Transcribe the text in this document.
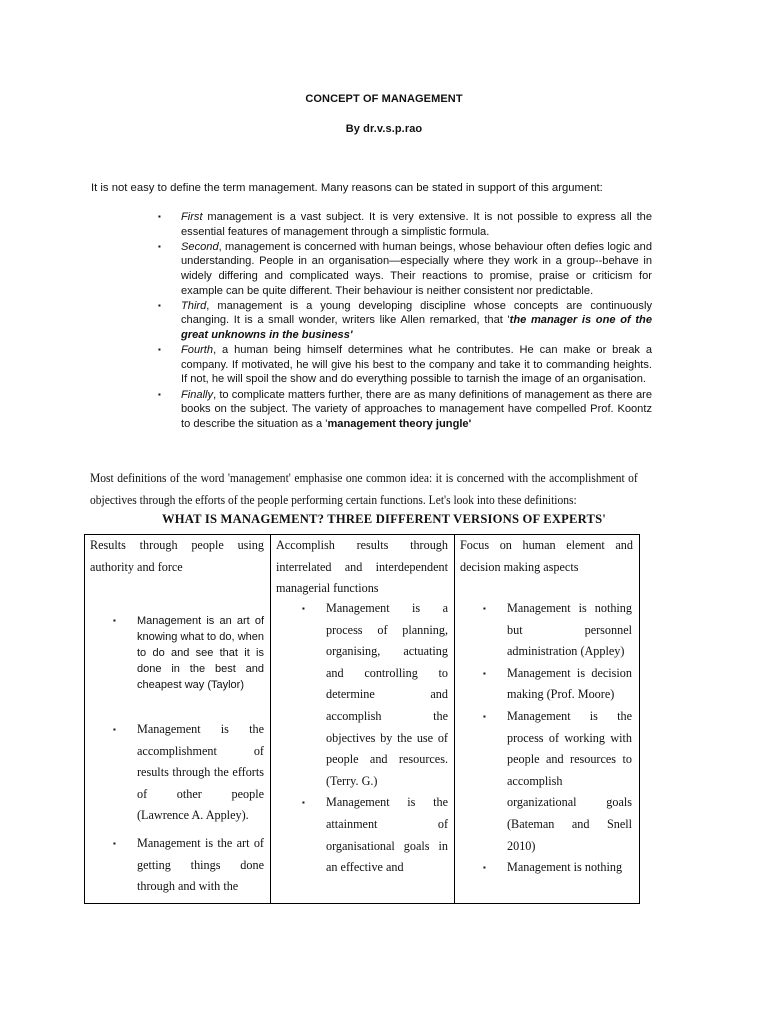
CONCEPT OF MANAGEMENT
By dr.v.s.p.rao
It is not easy to define the term management. Many reasons can be stated in support of this argument:
▪ First management is a vast subject. It is very extensive. It is not possible to express all the essential features of management through a simplistic formula.
▪ Second, management is concerned with human beings, whose behaviour often defies logic and understanding. People in an organisation—especially where they work in a group--behave in widely differing and complicated ways. Their reactions to promise, praise or criticism for example can be quite different. Their behaviour is neither consistent nor predictable.
▪ Third, management is a young developing discipline whose concepts are continuously changing. It is a small wonder, writers like Allen remarked, that 'the manager is one of the great unknowns in the business'
▪ Fourth, a human being himself determines what he contributes. He can make or break a company. If motivated, he will give his best to the company and take it to commanding heights. If not, he will spoil the show and do everything possible to tarnish the image of an organisation.
▪ Finally, to complicate matters further, there are as many definitions of management as there are books on the subject. The variety of approaches to management have compelled Prof. Koontz to describe the situation as a 'management theory jungle'
Most definitions of the word 'management' emphasise one common idea: it is concerned with the accomplishment of objectives through the efforts of the people performing certain functions. Let's look into these definitions:
WHAT IS MANAGEMENT? THREE DIFFERENT VERSIONS OF EXPERTS'
Results through people using authority and force
▪ Management is an art of knowing what to do, when to do and see that it is done in the best and cheapest way (Taylor)
▪ Management is the accomplishment of results through the efforts of other people (Lawrence A. Appley).
▪ Management is the art of getting things done through and with the
Accomplish results through interrelated and interdependent managerial functions
▪ Management is a process of planning, organising, actuating and controlling to determine and accomplish the objectives by the use of people and resources. (Terry. G.)
▪ Management is the attainment of organisational goals in an effective and
Focus on human element and decision making aspects
▪ Management is nothing but personnel administration (Appley)
▪ Management is decision making (Prof. Moore)
▪ Management is the process of working with people and resources to accomplish organizational goals (Bateman and Snell 2010)
▪ Management is nothing
